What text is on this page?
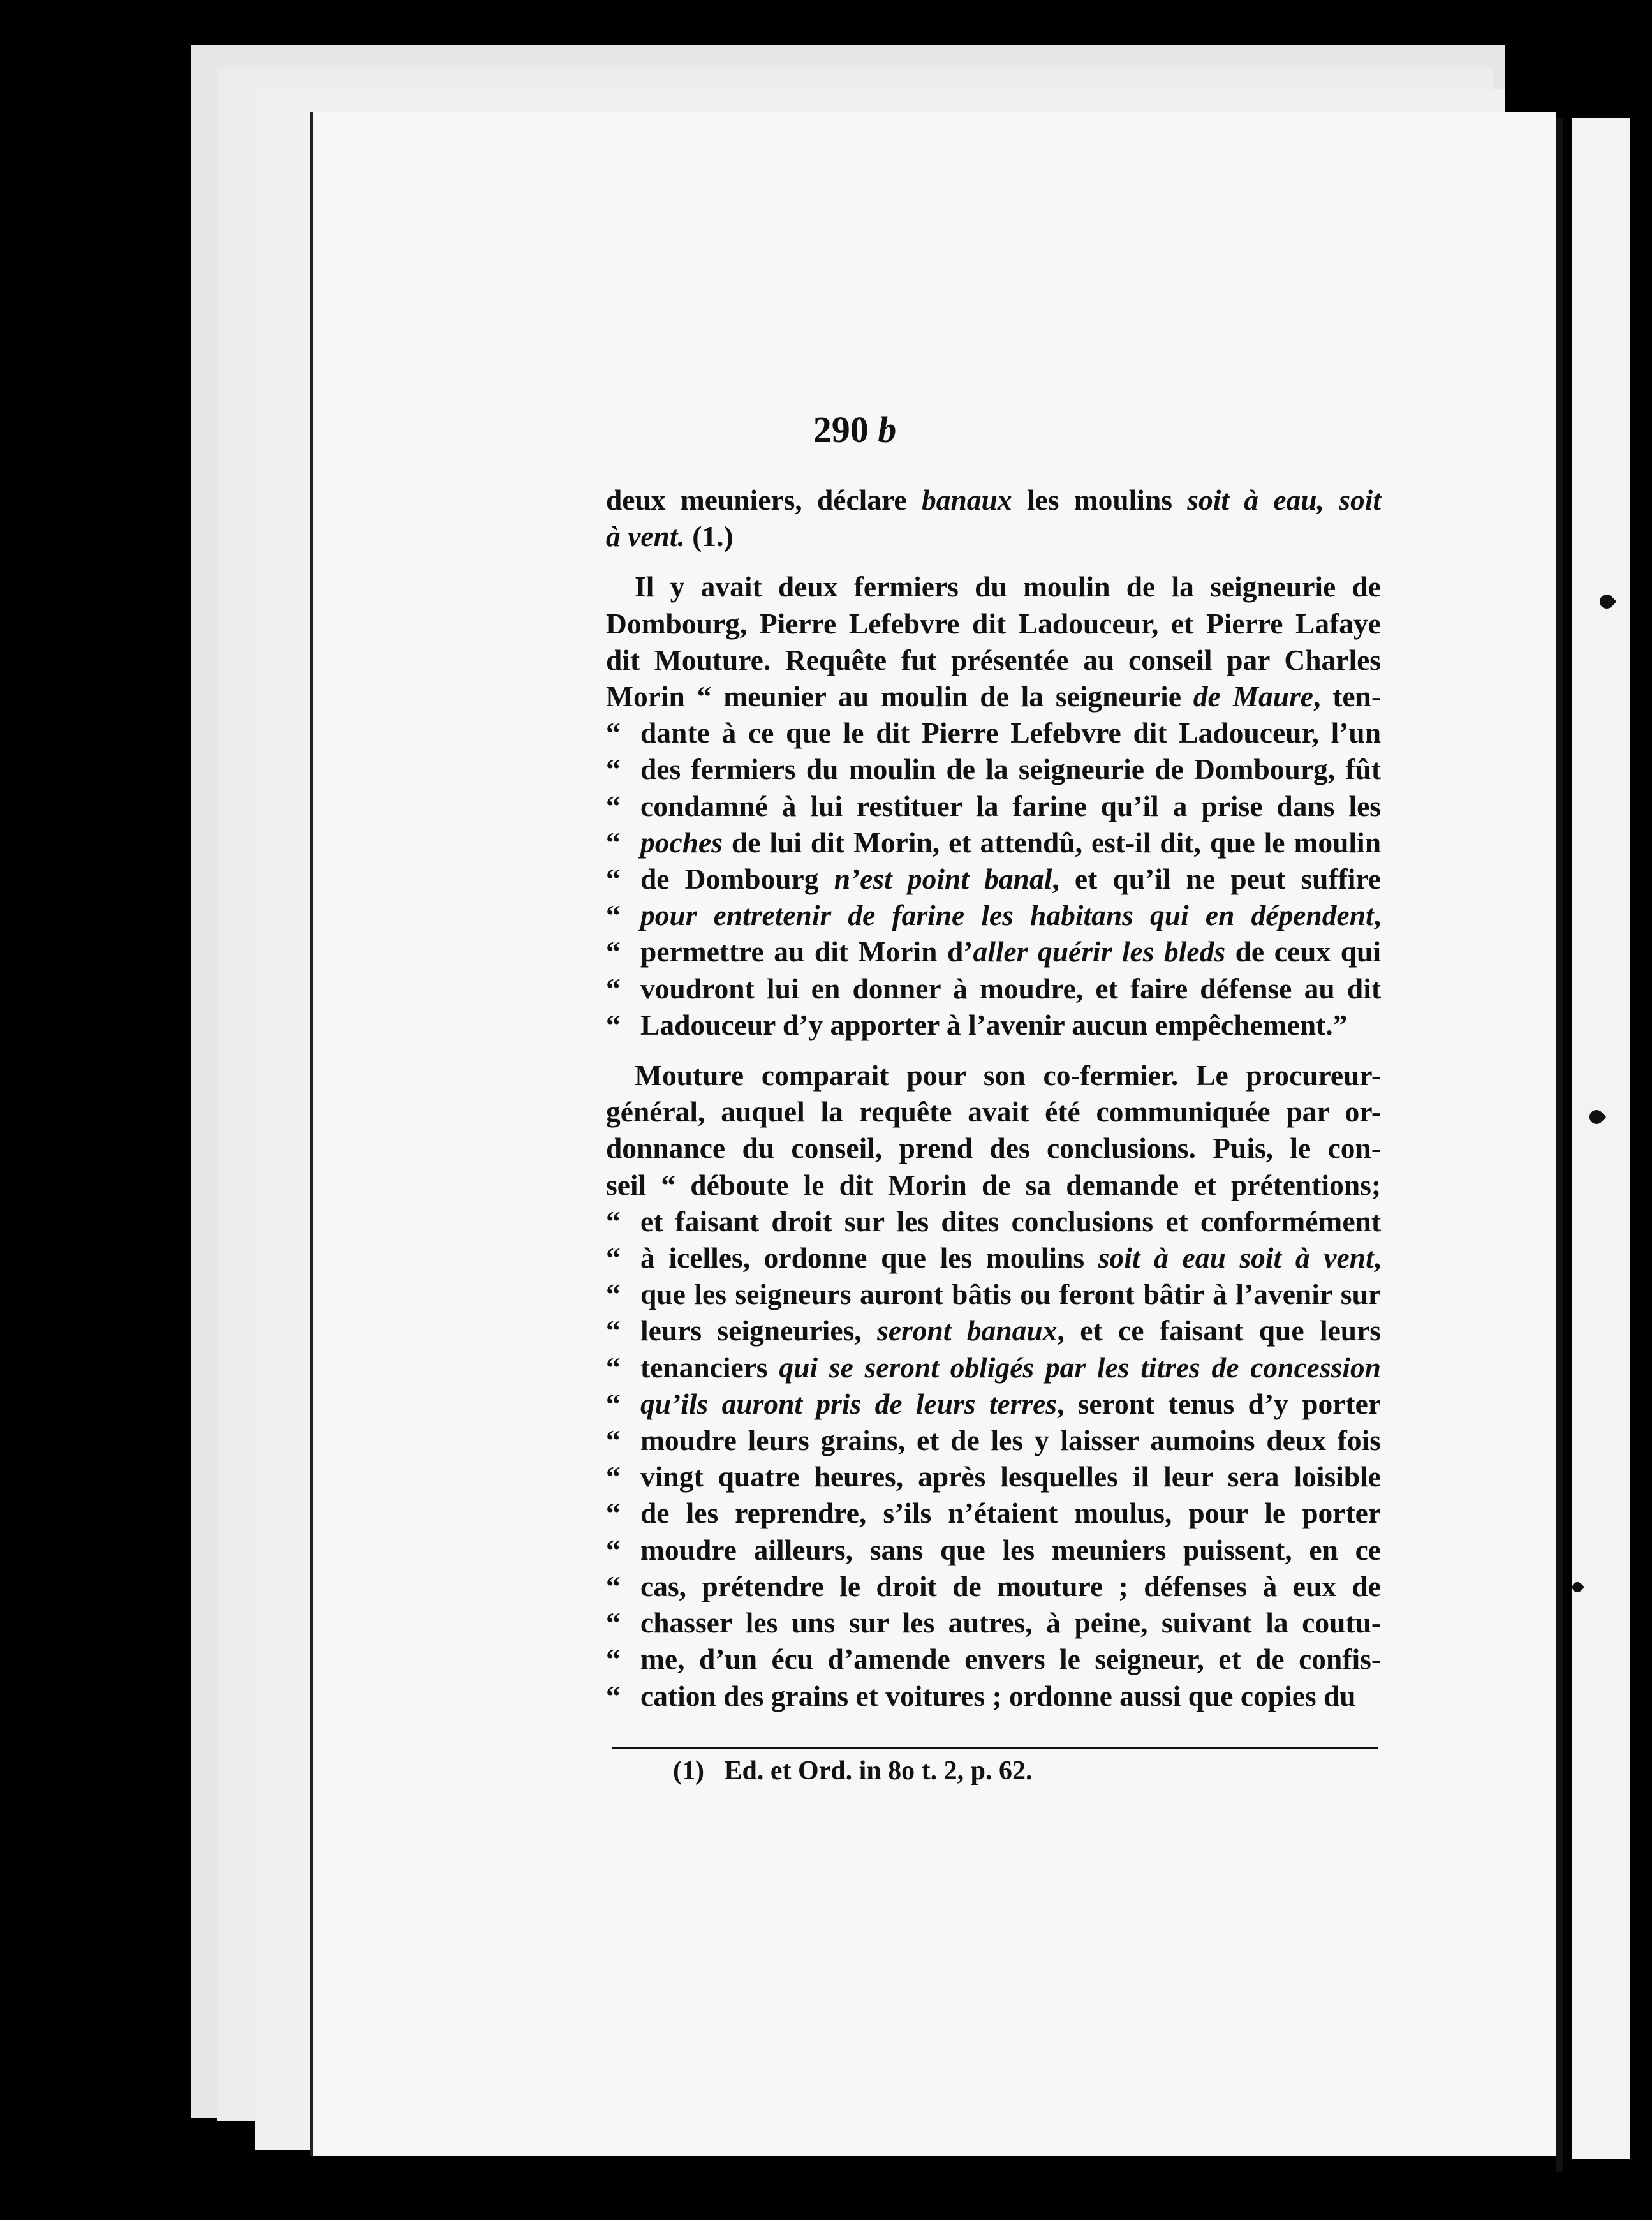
290 b
deux meuniers, déclare banaux les moulins soit à eau, soit
à vent. (1.)
Il y avait deux fermiers du moulin de la seigneurie de
Dombourg, Pierre Lefebvre dit Ladouceur, et Pierre Lafaye
dit Mouture. Requête fut présentée au conseil par Charles
Morin “ meunier au moulin de la seigneurie de Maure, ten-
“ dante à ce que le dit Pierre Lefebvre dit Ladouceur, l’un
“ des fermiers du moulin de la seigneurie de Dombourg, fût
“ condamné à lui restituer la farine qu’il a prise dans les
“ poches de lui dit Morin, et attendû, est-il dit, que le moulin
“ de Dombourg n’est point banal, et qu’il ne peut suffire
“ pour entretenir de farine les habitans qui en dépendent,
“ permettre au dit Morin d’aller quérir les bleds de ceux qui
“ voudront lui en donner à moudre, et faire défense au dit
“ Ladouceur d’y apporter à l’avenir aucun empêchement.”
Mouture comparait pour son co-fermier. Le procureur-
général, auquel la requête avait été communiquée par or-
donnance du conseil, prend des conclusions. Puis, le con-
seil “ déboute le dit Morin de sa demande et prétentions;
“ et faisant droit sur les dites conclusions et conformément
“ à icelles, ordonne que les moulins soit à eau soit à vent,
“ que les seigneurs auront bâtis ou feront bâtir à l’avenir sur
“ leurs seigneuries, seront banaux, et ce faisant que leurs
“ tenanciers qui se seront obligés par les titres de concession
“ qu’ils auront pris de leurs terres, seront tenus d’y porter
“ moudre leurs grains, et de les y laisser aumoins deux fois
“ vingt quatre heures, après lesquelles il leur sera loisible
“ de les reprendre, s’ils n’étaient moulus, pour le porter
“ moudre ailleurs, sans que les meuniers puissent, en ce
“ cas, prétendre le droit de mouture ; défenses à eux de
“ chasser les uns sur les autres, à peine, suivant la coutu-
“ me, d’un écu d’amende envers le seigneur, et de confis-
“ cation des grains et voitures ; ordonne aussi que copies du
(1) Ed. et Ord. in 8o t. 2, p. 62.
